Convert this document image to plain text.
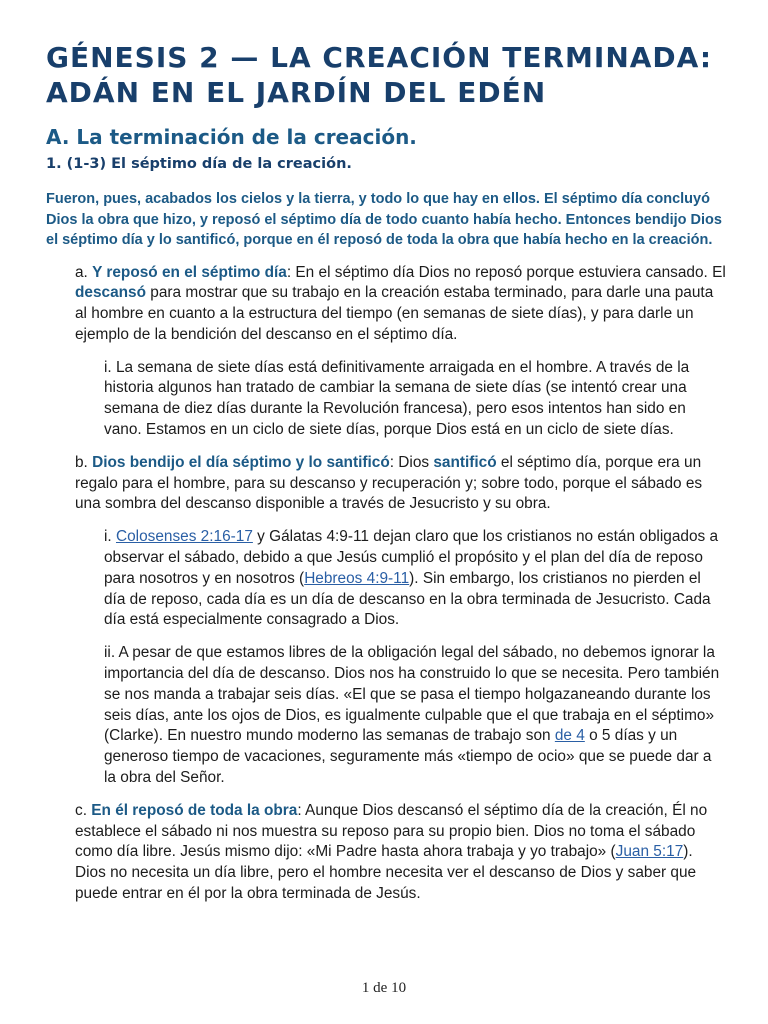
GÉNESIS 2 — LA CREACIÓN TERMINADA: ADÁN EN EL JARDÍN DEL EDÉN
A. La terminación de la creación.
1. (1-3) El séptimo día de la creación.

Fueron, pues, acabados los cielos y la tierra, y todo lo que hay en ellos. El séptimo día concluyó Dios la obra que hizo, y reposó el séptimo día de todo cuanto había hecho. Entonces bendijo Dios el séptimo día y lo santificó, porque en él reposó de toda la obra que había hecho en la creación.

a. Y reposó en el séptimo día: En el séptimo día Dios no reposó porque estuviera cansado. El descansó para mostrar que su trabajo en la creación estaba terminado, para darle una pauta al hombre en cuanto a la estructura del tiempo (en semanas de siete días), y para darle un ejemplo de la bendición del descanso en el séptimo día.

i. La semana de siete días está definitivamente arraigada en el hombre. A través de la historia algunos han tratado de cambiar la semana de siete días (se intentó crear una semana de diez días durante la Revolución francesa), pero esos intentos han sido en vano. Estamos en un ciclo de siete días, porque Dios está en un ciclo de siete días.

b. Dios bendijo el día séptimo y lo santificó: Dios santificó el séptimo día, porque era un regalo para el hombre, para su descanso y recuperación y; sobre todo, porque el sábado es una sombra del descanso disponible a través de Jesucristo y su obra.

i. Colosenses 2:16-17 y Gálatas 4:9-11 dejan claro que los cristianos no están obligados a observar el sábado, debido a que Jesús cumplió el propósito y el plan del día de reposo para nosotros y en nosotros (Hebreos 4:9-11). Sin embargo, los cristianos no pierden el día de reposo, cada día es un día de descanso en la obra terminada de Jesucristo. Cada día está especialmente consagrado a Dios.

ii. A pesar de que estamos libres de la obligación legal del sábado, no debemos ignorar la importancia del día de descanso. Dios nos ha construido lo que se necesita. Pero también se nos manda a trabajar seis días. «El que se pasa el tiempo holgazaneando durante los seis días, ante los ojos de Dios, es igualmente culpable que el que trabaja en el séptimo» (Clarke). En nuestro mundo moderno las semanas de trabajo son de 4 o 5 días y un generoso tiempo de vacaciones, seguramente más «tiempo de ocio» que se puede dar a la obra del Señor.

c. En él reposó de toda la obra: Aunque Dios descansó el séptimo día de la creación, Él no establece el sábado ni nos muestra su reposo para su propio bien. Dios no toma el sábado como día libre. Jesús mismo dijo: «Mi Padre hasta ahora trabaja y yo trabajo» (Juan 5:17). Dios no necesita un día libre, pero el hombre necesita ver el descanso de Dios y saber que puede entrar en él por la obra terminada de Jesús.

1 de 10
